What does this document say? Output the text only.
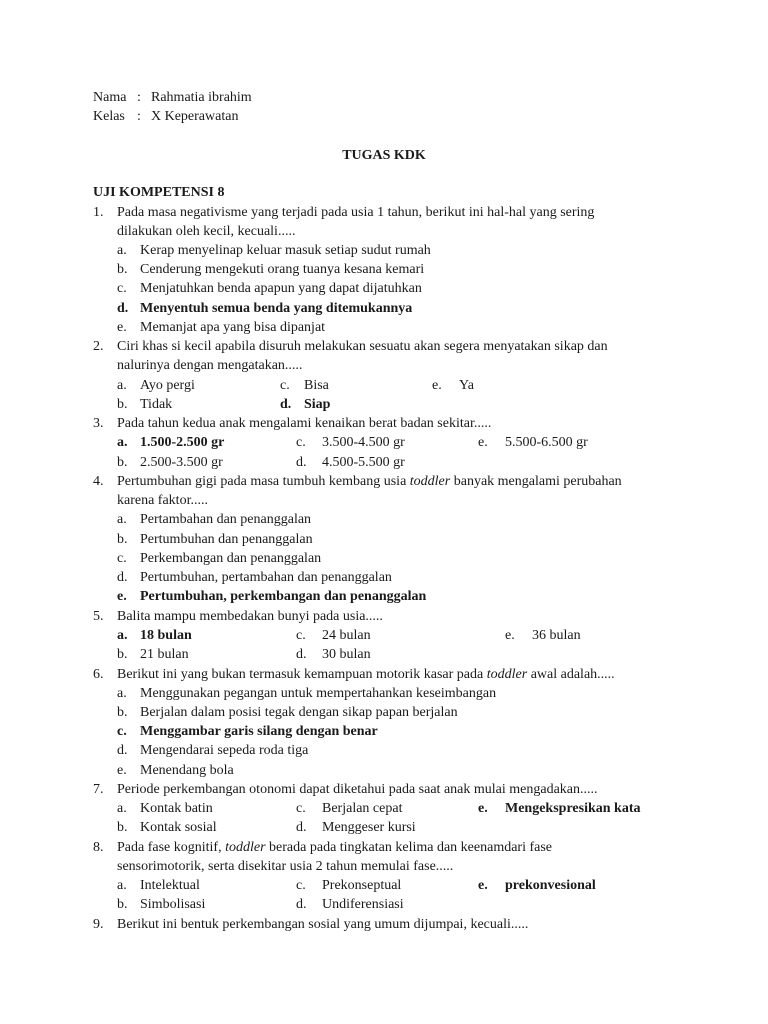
Nama : Rahmatia ibrahim
Kelas : X Keperawatan
TUGAS KDK
UJI KOMPETENSI 8
1. Pada masa negativisme yang terjadi pada usia 1 tahun, berikut ini hal-hal yang sering
dilakukan oleh kecil, kecuali.....
a. Kerap menyelinap keluar masuk setiap sudut rumah
b. Cenderung mengekuti orang tuanya kesana kemari
c. Menjatuhkan benda apapun yang dapat dijatuhkan
d. Menyentuh semua benda yang ditemukannya
e. Memanjat apa yang bisa dipanjat
2. Ciri khas si kecil apabila disuruh melakukan sesuatu akan segera menyatakan sikap dan
nalurinya dengan mengatakan.....
a. Ayo pergi	c. Bisa	e. Ya
b. Tidak	d. Siap
3. Pada tahun kedua anak mengalami kenaikan berat badan sekitar.....
a. 1.500-2.500 gr	c. 3.500-4.500 gr	e. 5.500-6.500 gr
b. 2.500-3.500 gr	d. 4.500-5.500 gr
4. Pertumbuhan gigi pada masa tumbuh kembang usia toddler banyak mengalami perubahan
karena faktor.....
a. Pertambahan dan penanggalan
b. Pertumbuhan dan penanggalan
c. Perkembangan dan penanggalan
d. Pertumbuhan, pertambahan dan penanggalan
e. Pertumbuhan, perkembangan dan penanggalan
5. Balita mampu membedakan bunyi pada usia.....
a. 18 bulan	c. 24 bulan	e. 36 bulan
b. 21 bulan	d. 30 bulan
6. Berikut ini yang bukan termasuk kemampuan motorik kasar pada toddler awal adalah.....
a. Menggunakan pegangan untuk mempertahankan keseimbangan
b. Berjalan dalam posisi tegak dengan sikap papan berjalan
c. Menggambar garis silang dengan benar
d. Mengendarai sepeda roda tiga
e. Menendang bola
7. Periode perkembangan otonomi dapat diketahui pada saat anak mulai mengadakan.....
a. Kontak batin	c. Berjalan cepat	e. Mengekspresikan kata
b. Kontak sosial	d. Menggeser kursi
8. Pada fase kognitif, toddler berada pada tingkatan kelima dan keenamdari fase
sensorimotorik, serta disekitar usia 2 tahun memulai fase.....
a. Intelektual	c. Prekonseptual	e. prekonvesional
b. Simbolisasi	d. Undiferensiasi
9. Berikut ini bentuk perkembangan sosial yang umum dijumpai, kecuali.....
